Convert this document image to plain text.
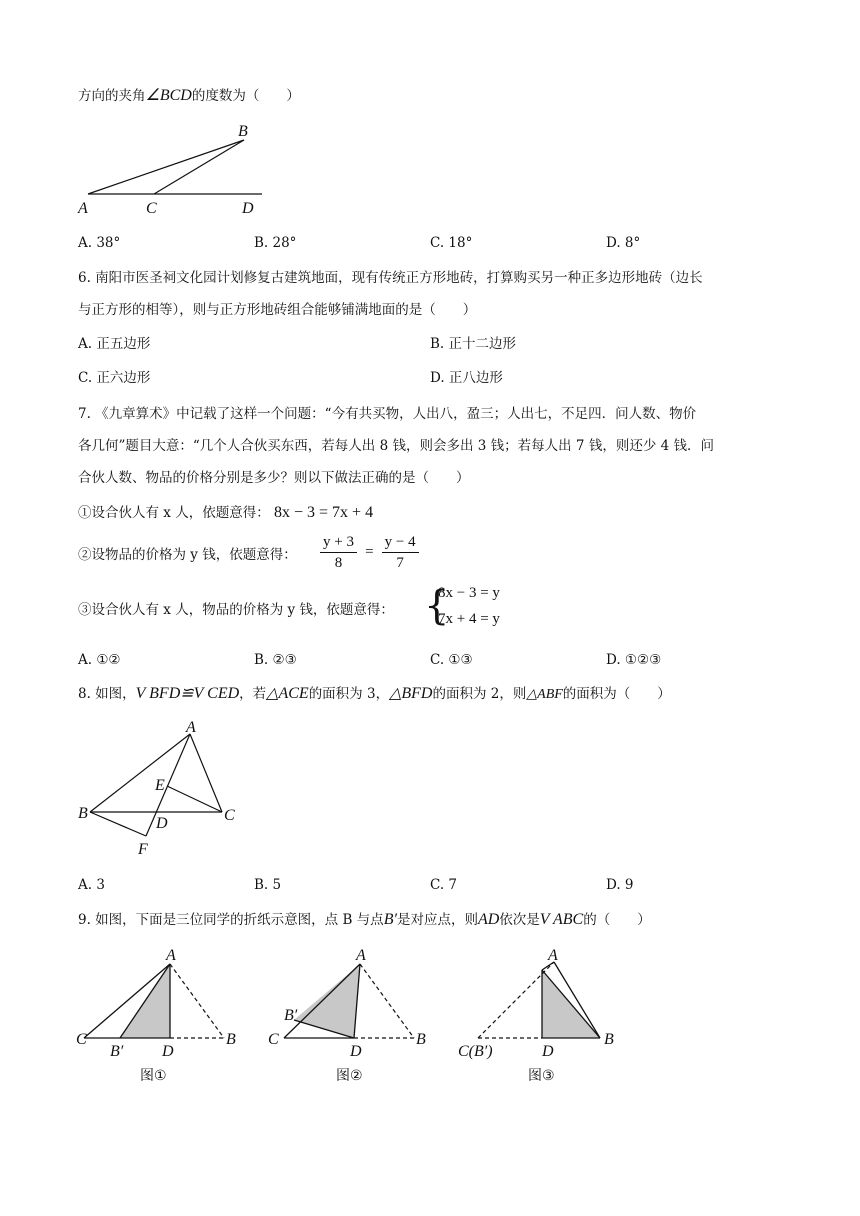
方向的夹角∠BCD的度数为（　　）
B
A	C	D
A. 38°	B. 28°	C. 18°	D. 8°
6. 南阳市医圣祠文化园计划修复古建筑地面，现有传统正方形地砖，打算购买另一种正多边形地砖（边长
与正方形的相等），则与正方形地砖组合能够铺满地面的是（　　）
A. 正五边形	B. 正十二边形
C. 正六边形	D. 正八边形
7. 《九章算术》中记载了这样一个问题：“今有共买物，人出八，盈三；人出七，不足四．问人数、物价
各几何”题目大意：“几个人合伙买东西，若每人出 8 钱，则会多出 3 钱；若每人出 7 钱，则还少 4 钱．问
合伙人数、物品的价格分别是多少？则以下做法正确的是（　　）
①设合伙人有 x 人，依题意得： 8x − 3 = 7x + 4
②设物品的价格为 y 钱，依题意得： $\frac{y + 3}{8} = \frac{y - 4}{7}$
③设合伙人有 x 人，物品的价格为 y 钱，依题意得： {
8x − 3 = y
7x + 4 = y
A. ①②	B. ②③	C. ①③	D. ①②③
8. 如图，V BFD≌V CED，若△ACE的面积为 3，△BFD的面积为 2，则△ABF的面积为（　　）
A
B	C
D
E
F
A. 3	B. 5	C. 7	D. 9
9. 如图，下面是三位同学的折纸示意图，点 B 与点B′是对应点，则AD依次是V ABC的（　　）
A
C
B′ D
B
图①
A
C
B′
D
B
图②
A
C(B′)	D
B
图③
